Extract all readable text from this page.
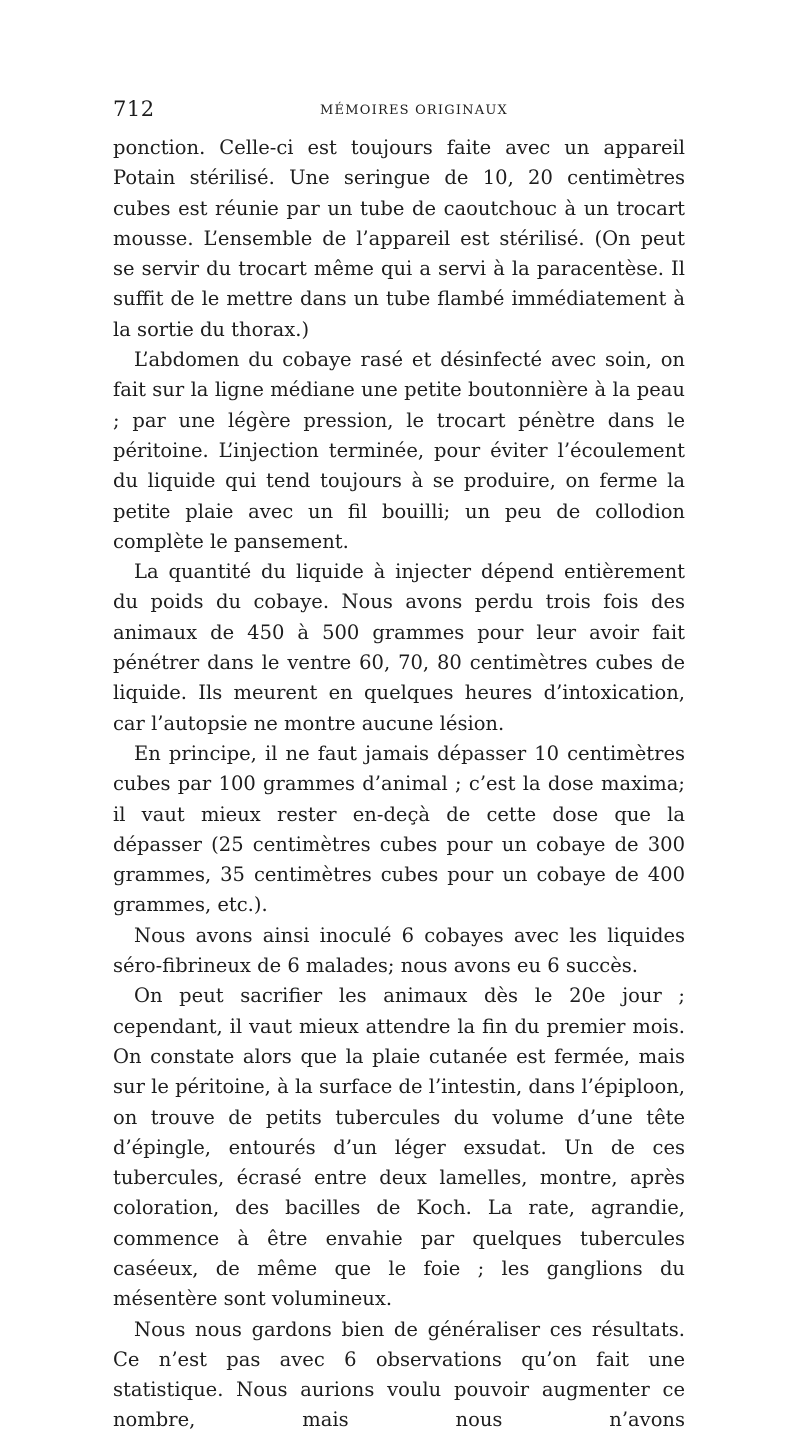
712	MÉMOIRES ORIGINAUX

ponction. Celle-ci est toujours faite avec un appareil Potain stérilisé. Une seringue de 10, 20 centimètres cubes est réunie par un tube de caoutchouc à un trocart mousse. L’ensemble de l’appareil est stérilisé. (On peut se servir du trocart même qui a servi à la paracentèse. Il suffit de le mettre dans un tube flambé immédiatement à la sortie du thorax.)

L’abdomen du cobaye rasé et désinfecté avec soin, on fait sur la ligne médiane une petite boutonnière à la peau ; par une légère pression, le trocart pénètre dans le péritoine. L’injection terminée, pour éviter l’écoulement du liquide qui tend toujours à se produire, on ferme la petite plaie avec un fil bouilli; un peu de collodion complète le pansement.

La quantité du liquide à injecter dépend entièrement du poids du cobaye. Nous avons perdu trois fois des animaux de 450 à 500 grammes pour leur avoir fait pénétrer dans le ventre 60, 70, 80 centimètres cubes de liquide. Ils meurent en quelques heures d’intoxication, car l’autopsie ne montre aucune lésion.

En principe, il ne faut jamais dépasser 10 centimètres cubes par 100 grammes d’animal ; c’est la dose maxima; il vaut mieux rester en-deçà de cette dose que la dépasser (25 centimètres cubes pour un cobaye de 300 grammes, 35 centimètres cubes pour un cobaye de 400 grammes, etc.).

Nous avons ainsi inoculé 6 cobayes avec les liquides séro-fibrineux de 6 malades; nous avons eu 6 succès.

On peut sacrifier les animaux dès le 20e jour ; cependant, il vaut mieux attendre la fin du premier mois. On constate alors que la plaie cutanée est fermée, mais sur le péritoine, à la surface de l’intestin, dans l’épiploon, on trouve de petits tubercules du volume d’une tête d’épingle, entourés d’un léger exsudat. Un de ces tubercules, écrasé entre deux lamelles, montre, après coloration, des bacilles de Koch. La rate, agrandie, commence à être envahie par quelques tubercules caséeux, de même que le foie ; les ganglions du mésentère sont volumineux.

Nous nous gardons bien de généraliser ces résultats. Ce n’est pas avec 6 observations qu’on fait une statistique. Nous aurions voulu pouvoir augmenter ce nombre, mais nous n’avons
